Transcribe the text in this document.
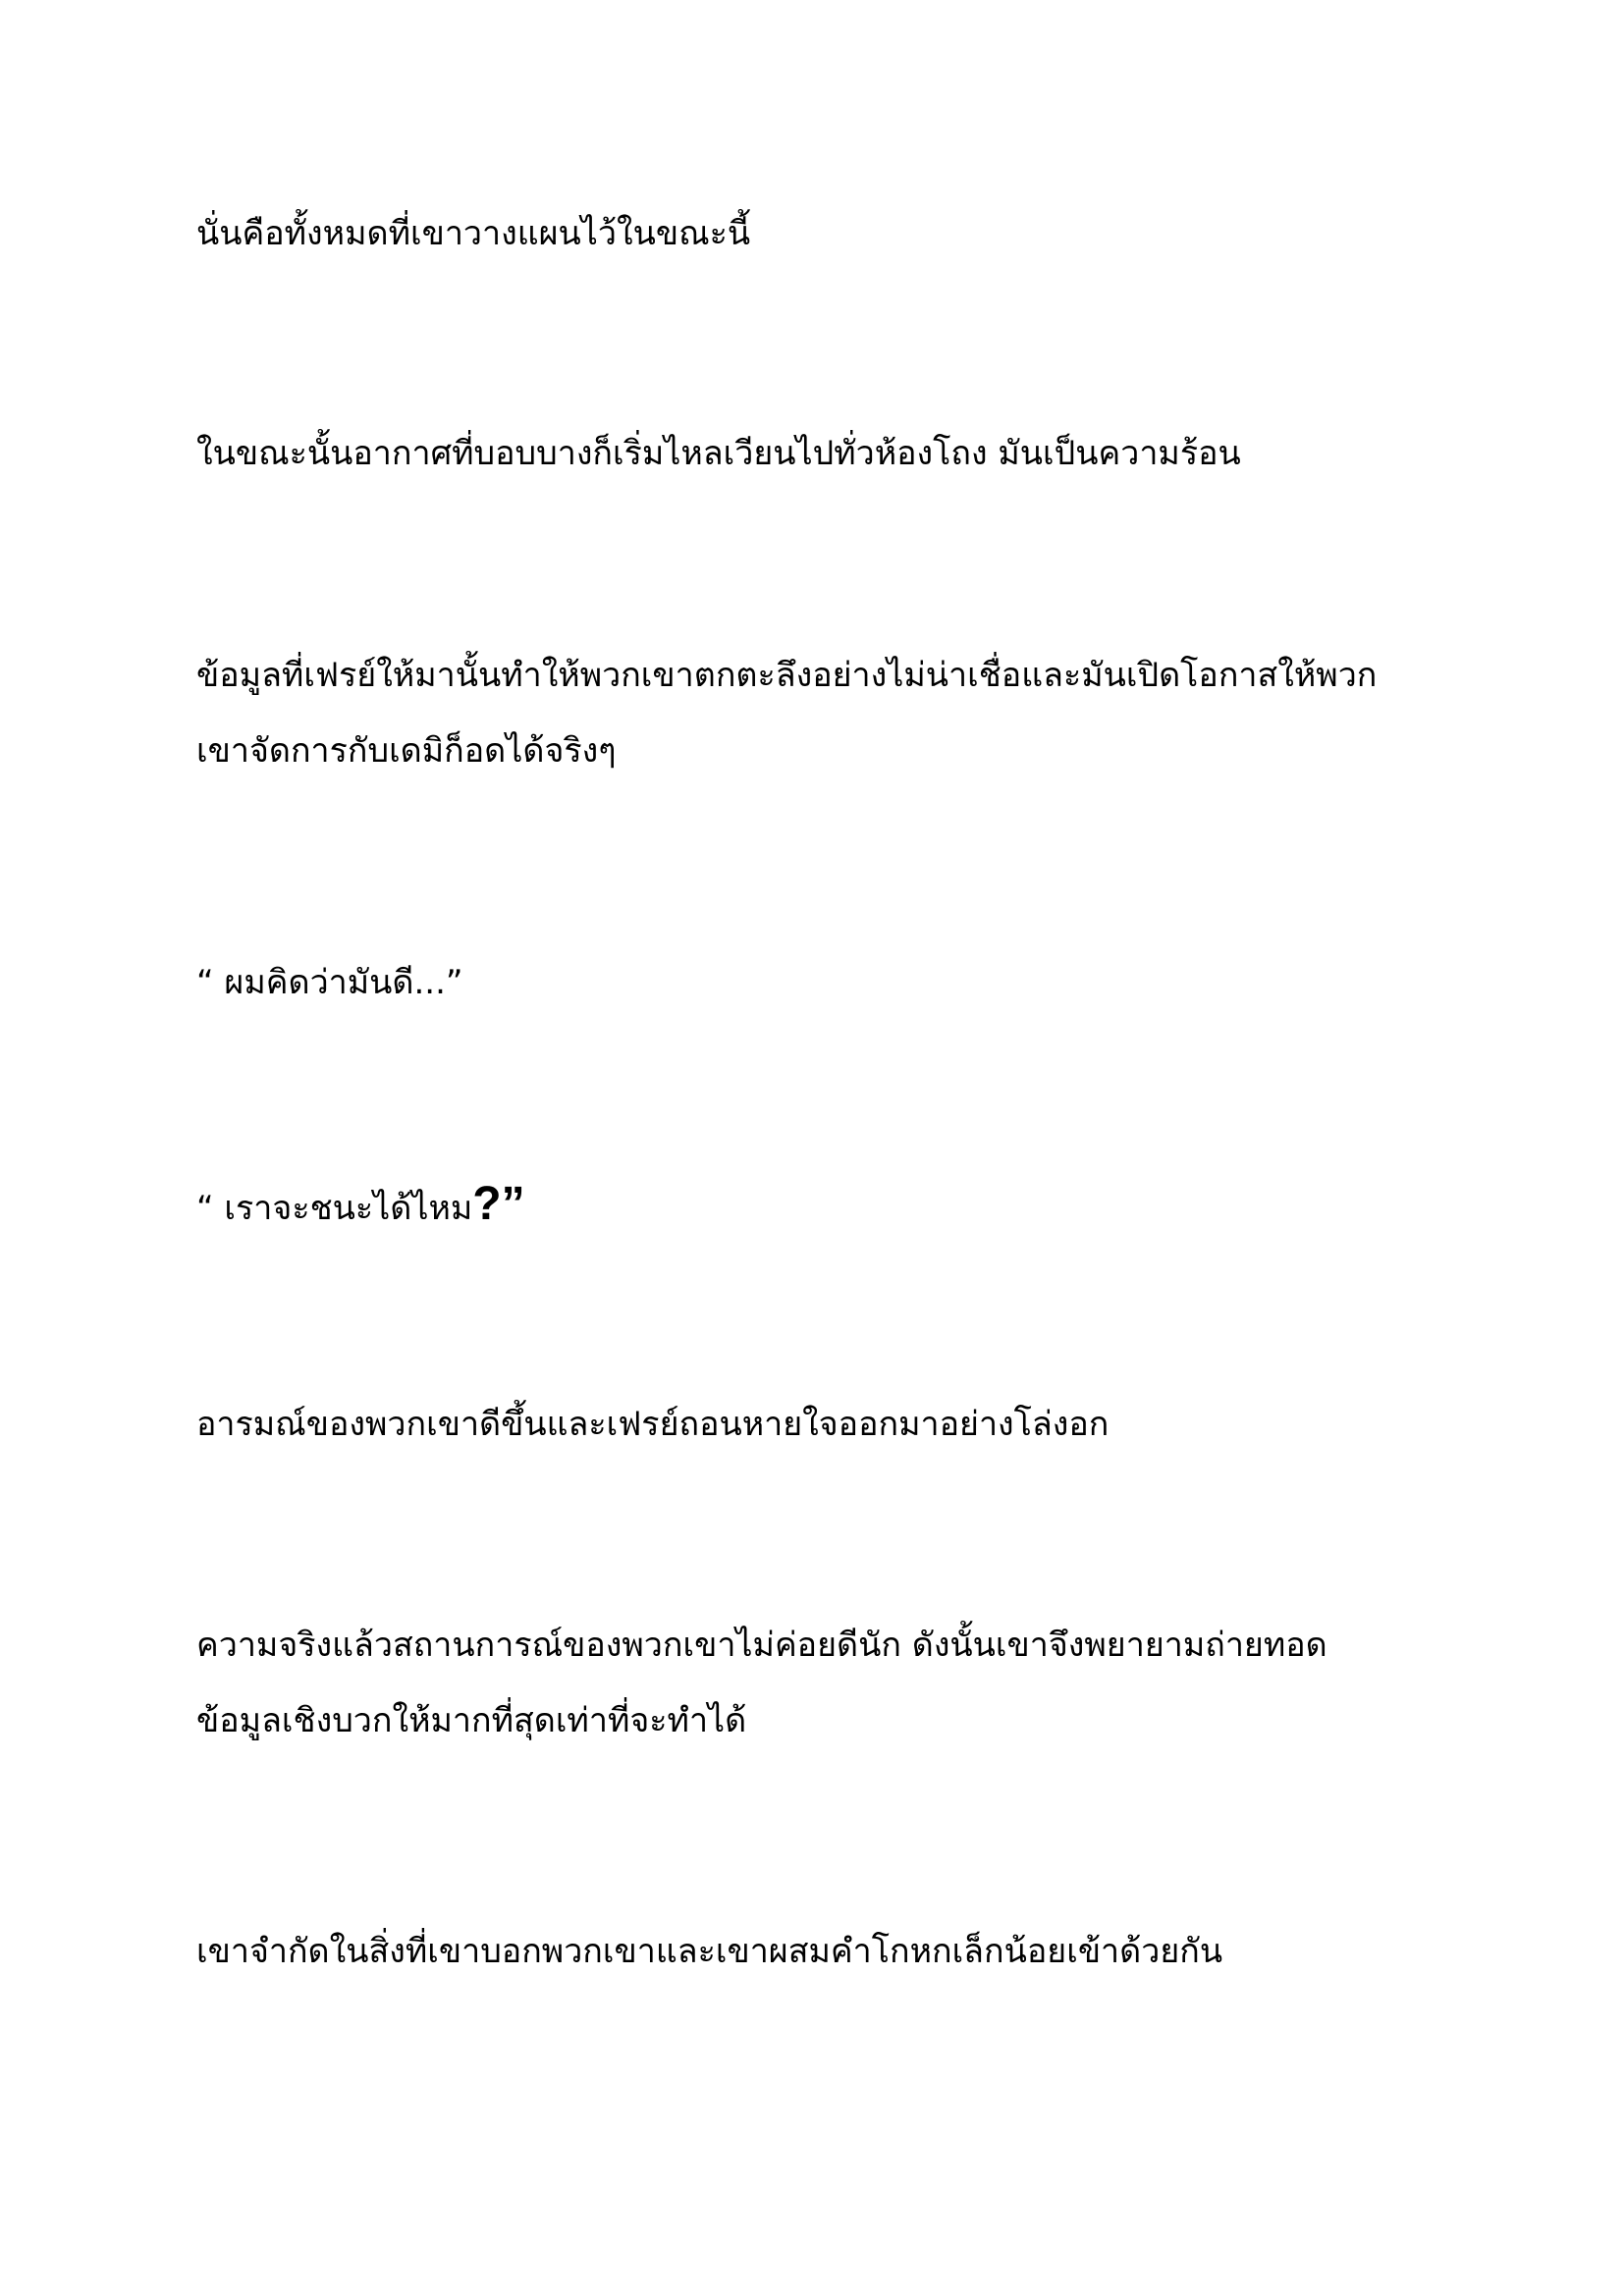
นั่นคือทั้งหมดที่เขาวางแผนไว้ในขณะนี้

ในขณะนั้นอากาศที่บอบบางก็เริ่มไหลเวียนไปทั่วห้องโถง มันเป็นความร้อน

ข้อมูลที่เฟรย์ให้มานั้นทำให้พวกเขาตกตะลึงอย่างไม่น่าเชื่อและมันเปิดโอกาสให้พวก
เขาจัดการกับเดมิก็อดได้จริงๆ

“ ผมคิดว่ามันดี...”

“ เราจะชนะได้ไหม?”

อารมณ์ของพวกเขาดีขึ้นและเฟรย์ถอนหายใจออกมาอย่างโล่งอก

ความจริงแล้วสถานการณ์ของพวกเขาไม่ค่อยดีนัก ดังนั้นเขาจึงพยายามถ่ายทอด
ข้อมูลเชิงบวกให้มากที่สุดเท่าที่จะทำได้

เขาจำกัดในสิ่งที่เขาบอกพวกเขาและเขาผสมคำโกหกเล็กน้อยเข้าด้วยกัน
